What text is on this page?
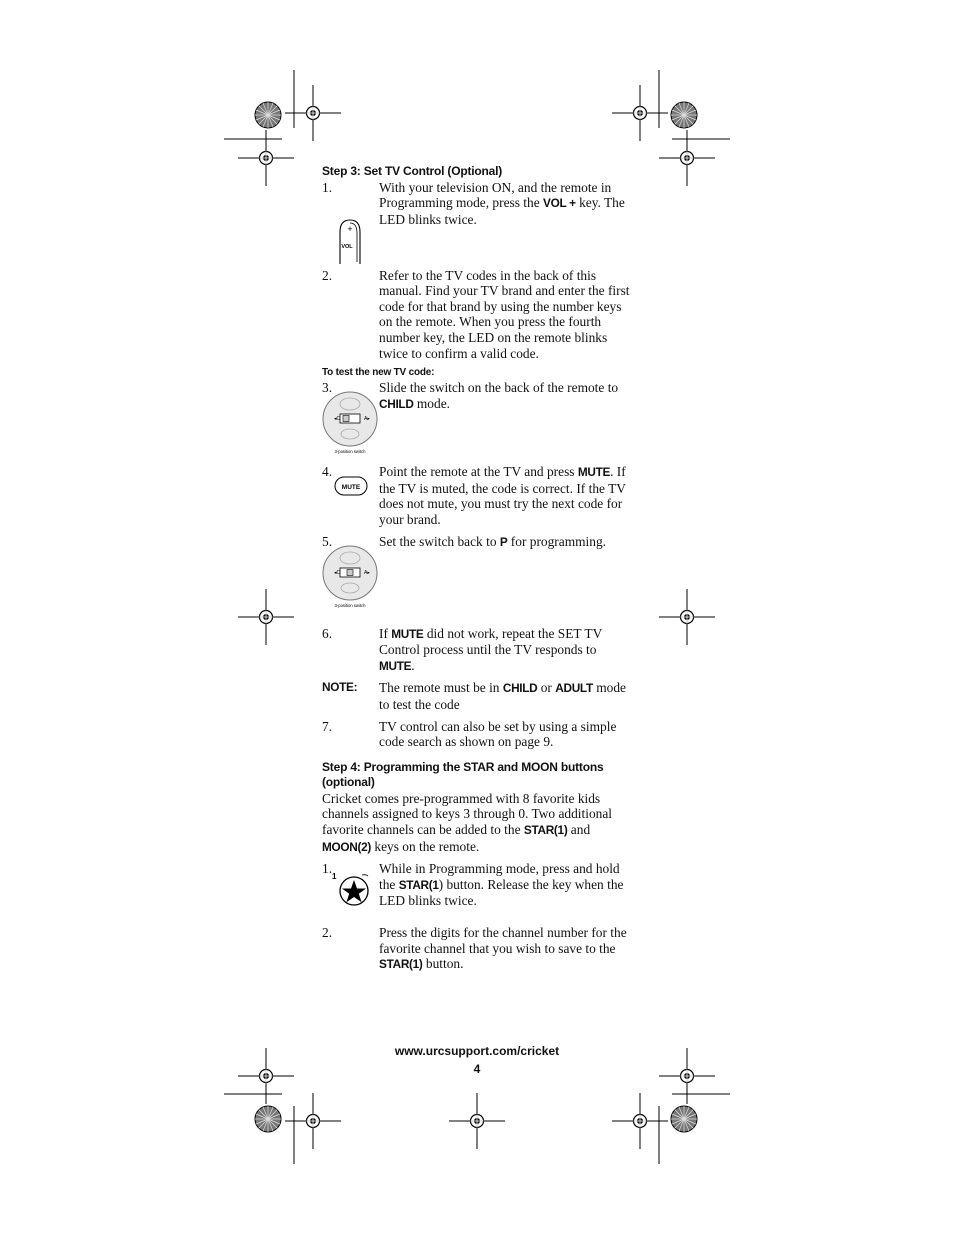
Step 3: Set TV Control (Optional)
1.
+
VOL
With your television ON, and the remote in Programming mode, press the VOL + key. The LED blinks twice.
2.	Refer to the TV codes in the back of this manual. Find your TV brand and enter the first code for that brand by using the number keys on the remote. When you press the fourth number key, the LED on the remote blinks twice to confirm a valid code.
To test the new TV code:
3.
◂C	A▸
3-position switch
Slide the switch on the back of the remote to CHILD mode.
4.
MUTE
Point the remote at the TV and press MUTE. If the TV is muted, the code is correct. If the TV does not mute, you must try the next code for your brand.
5.
◂C	A▸
3-position switch
Set the switch back to P for programming.
6.	If MUTE did not work, repeat the SET TV Control process until the TV responds to MUTE.
NOTE: The remote must be in CHILD or ADULT mode to test the code
7.	TV control can also be set by using a simple code search as shown on page 9.
Step 4: Programming the STAR and MOON buttons (optional)
Cricket comes pre-programmed with 8 favorite kids channels assigned to keys 3 through 0. Two additional favorite channels can be added to the STAR(1) and MOON(2) keys on the remote.
1.
1
While in Programming mode, press and hold the STAR(1) button. Release the key when the LED blinks twice.
2.	Press the digits for the channel number for the favorite channel that you wish to save to the STAR(1) button.
www.urcsupport.com/cricket
4
